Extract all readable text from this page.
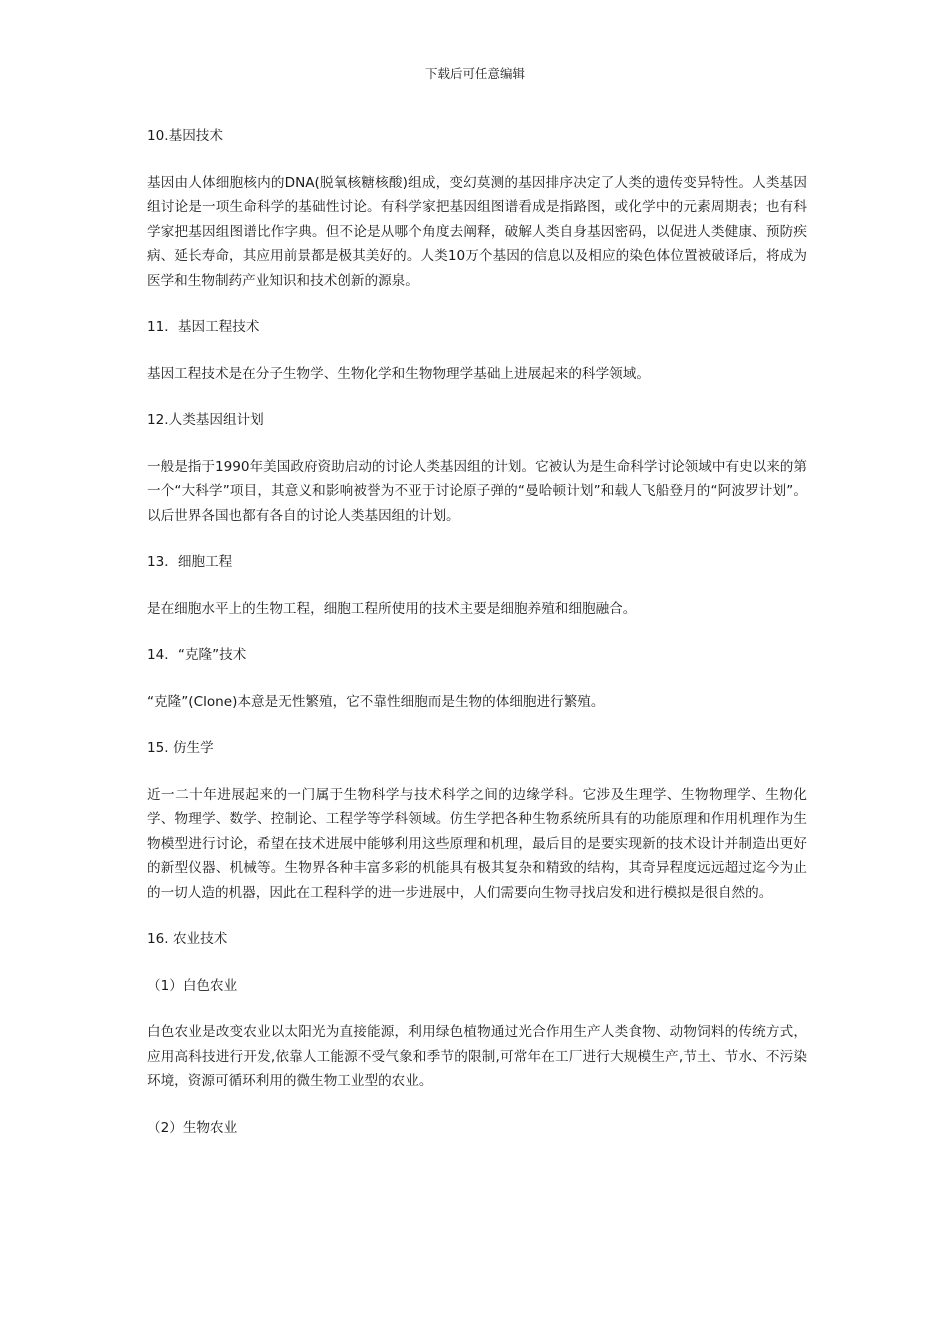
下载后可任意编辑

10.基因技术

基因由人体细胞核内的DNA(脱氧核糖核酸)组成，变幻莫测的基因排序决定了人类的遗传变异特性。人类基因组讨论是一项生命科学的基础性讨论。有科学家把基因组图谱看成是指路图，或化学中的元素周期表；也有科学家把基因组图谱比作字典。但不论是从哪个角度去阐释，破解人类自身基因密码，以促进人类健康、预防疾病、延长寿命，其应用前景都是极其美好的。人类10万个基因的信息以及相应的染色体位置被破译后，将成为医学和生物制药产业知识和技术创新的源泉。

11．基因工程技术

基因工程技术是在分子生物学、生物化学和生物物理学基础上进展起来的科学领域。

12.人类基因组计划

一般是指于1990年美国政府资助启动的讨论人类基因组的计划。它被认为是生命科学讨论领域中有史以来的第一个“大科学”项目，其意义和影响被誉为不亚于讨论原子弹的“曼哈顿计划”和载人飞船登月的“阿波罗计划”。以后世界各国也都有各自的讨论人类基因组的计划。

13．细胞工程

是在细胞水平上的生物工程，细胞工程所使用的技术主要是细胞养殖和细胞融合。

14．“克隆”技术

“克隆”(Clone)本意是无性繁殖，它不靠性细胞而是生物的体细胞进行繁殖。

15. 仿生学

近一二十年进展起来的一门属于生物科学与技术科学之间的边缘学科。它涉及生理学、生物物理学、生物化学、物理学、数学、控制论、工程学等学科领域。仿生学把各种生物系统所具有的功能原理和作用机理作为生物模型进行讨论，希望在技术进展中能够利用这些原理和机理，最后目的是要实现新的技术设计并制造出更好的新型仪器、机械等。生物界各种丰富多彩的机能具有极其复杂和精致的结构，其奇异程度远远超过迄今为止的一切人造的机器，因此在工程科学的进一步进展中，人们需要向生物寻找启发和进行模拟是很自然的。

16. 农业技术

（1）白色农业

白色农业是改变农业以太阳光为直接能源，利用绿色植物通过光合作用生产人类食物、动物饲料的传统方式，应用高科技进行开发,依靠人工能源不受气象和季节的限制,可常年在工厂进行大规模生产,节土、节水、不污染环境，资源可循环利用的微生物工业型的农业。

（2）生物农业
